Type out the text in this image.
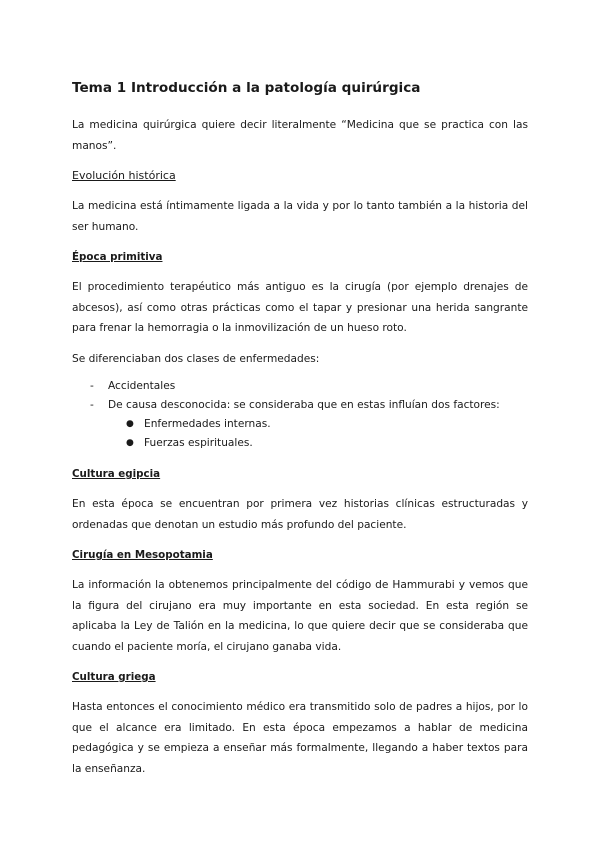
Tema 1 Introducción a la patología quirúrgica

La medicina quirúrgica quiere decir literalmente “Medicina que se practica con las manos”.

Evolución histórica

La medicina está íntimamente ligada a la vida y por lo tanto también a la historia del ser humano.

Época primitiva

El procedimiento terapéutico más antiguo es la cirugía (por ejemplo drenajes de abcesos), así como otras prácticas como el tapar y presionar una herida sangrante para frenar la hemorragia o la inmovilización de un hueso roto.

Se diferenciaban dos clases de enfermedades:

- Accidentales
- De causa desconocida: se consideraba que en estas influían dos factores:
● Enfermedades internas.
● Fuerzas espirituales.
Cultura egipcia

En esta época se encuentran por primera vez historias clínicas estructuradas y ordenadas que denotan un estudio más profundo del paciente.

Cirugía en Mesopotamia

La información la obtenemos principalmente del código de Hammurabi y vemos que la figura del cirujano era muy importante en esta sociedad. En esta región se aplicaba la Ley de Talión en la medicina, lo que quiere decir que se consideraba que cuando el paciente moría, el cirujano ganaba vida.

Cultura griega

Hasta entonces el conocimiento médico era transmitido solo de padres a hijos, por lo que el alcance era limitado. En esta época empezamos a hablar de medicina pedagógica y se empieza a enseñar más formalmente, llegando a haber textos para la enseñanza.
